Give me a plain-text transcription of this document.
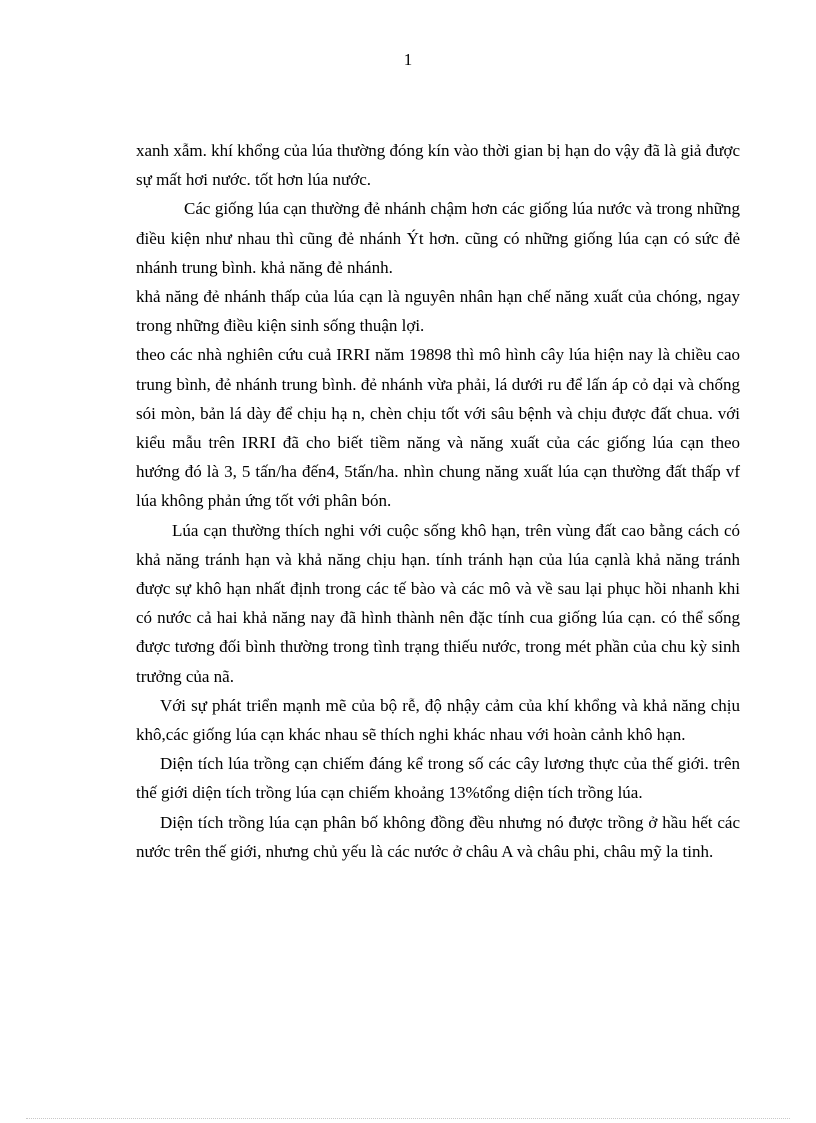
1

xanh xẫm. khí khổng của lúa thường đóng kín vào thời gian bị hạn do vậy đã là giả được sự mất hơi nước. tốt hơn lúa nước.

Các giống lúa cạn thường đẻ nhánh chậm hơn các giống lúa nước và trong những điều kiện như nhau thì cũng đẻ nhánh Ýt hơn. cũng có những giống lúa cạn có sức đẻ nhánh trung bình. khả năng đẻ nhánh.

khả năng đẻ nhánh thấp của lúa cạn là nguyên nhân hạn chế năng xuất của chóng, ngay trong những điều kiện sinh sống thuận lợi.

theo các nhà nghiên cứu cuả IRRI năm 19898 thì mô hình cây lúa hiện nay là chiều cao trung bình, đẻ nhánh trung bình. đẻ nhánh vừa phải, lá dưới ru để lấn áp cỏ dại và chống sói mòn, bản lá dày để chịu hạ n, chèn chịu tốt với sâu bệnh và chịu được đất chua. với kiểu mẫu trên IRRI đã cho biết tiềm năng và năng xuất của các giống lúa cạn theo hướng đó là 3, 5 tấn/ha đến4, 5tấn/ha. nhìn chung năng xuất lúa cạn thường đất thấp vf lúa không phản ứng tốt với phân bón.

Lúa cạn thường thích nghi với cuộc sống khô hạn, trên vùng đất cao bằng cách có khả năng tránh hạn và khả năng chịu hạn. tính tránh hạn của lúa cạnlà khả năng tránh được sự khô hạn nhất định trong các tế bào và các mô và về sau lại phục hồi nhanh khi có nước cả hai khả năng nay đã hình thành nên đặc tính cua giống lúa cạn. có thể sống được tương đối bình thường trong tình trạng thiếu nước, trong mét phần của chu kỳ sinh trưởng của nã.

Với sự phát triển mạnh mẽ của bộ rễ, độ nhậy cảm của khí khổng và khả năng chịu khô,các giống lúa cạn khác nhau sẽ thích nghi khác nhau với hoàn cảnh khô hạn.

Diện tích lúa trồng cạn chiếm đáng kể trong số các cây lương thực của thế giới. trên thế giới diện tích trồng lúa cạn chiếm khoảng 13%tổng diện tích trồng lúa.

Diện tích trồng lúa cạn phân bố không đồng đều nhưng nó được trồng ở hầu hết các nước trên thế giới, nhưng chủ yếu là các nước ở châu A và châu phi, châu mỹ la tinh.
